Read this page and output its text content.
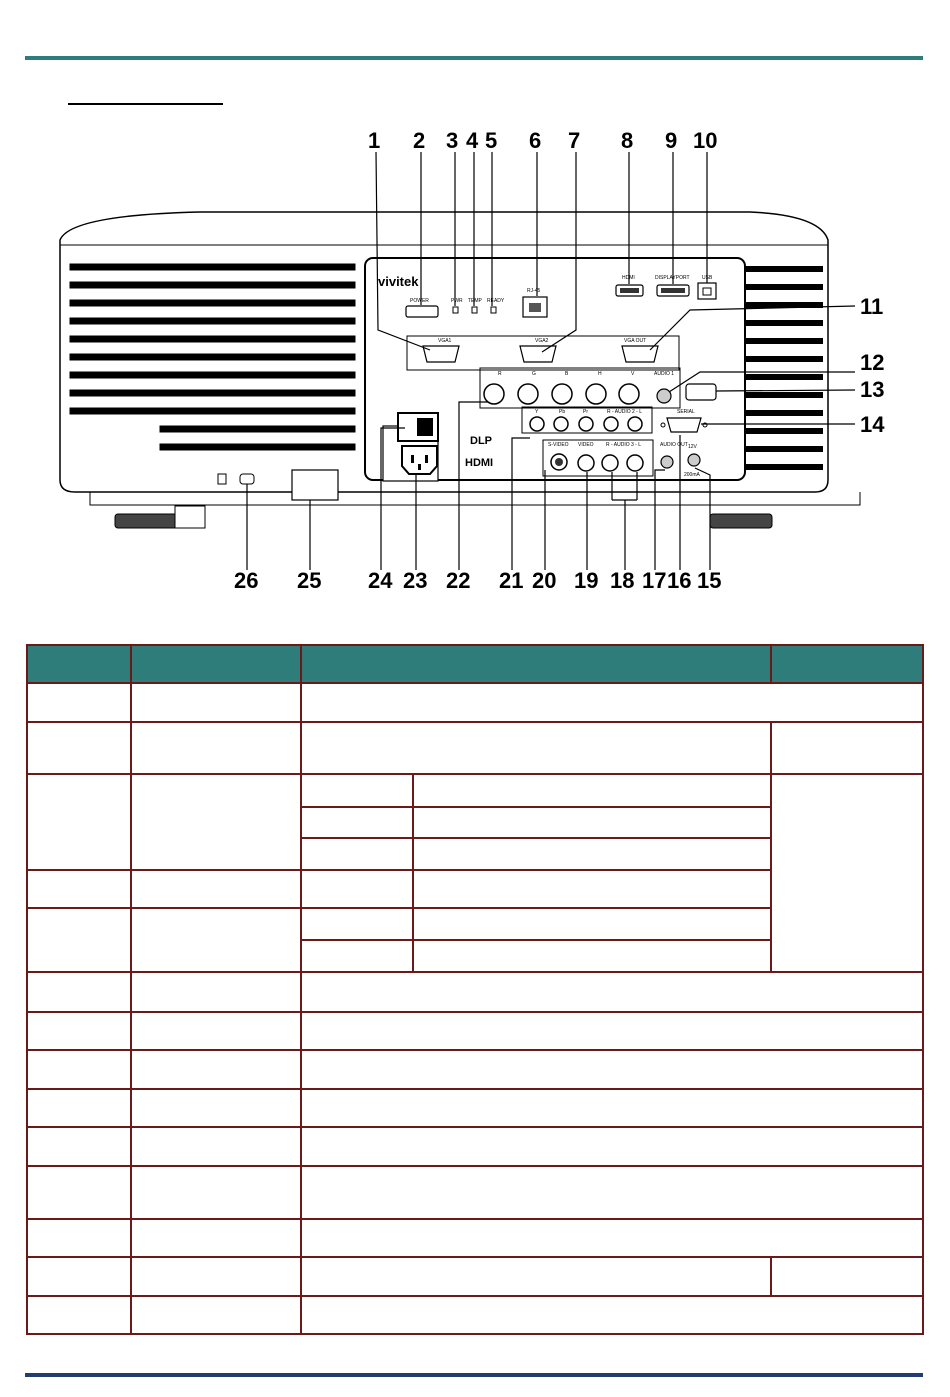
vivitek
POWER	PWR TEMP READY
RJ-45
HDMI	DISPLAYPORT USB
VGA1	VGA2	VGA OUT
R	G	B	H	V	AUDIO 1
Y	Pb	Pr	R - AUDIO 2 - L	SERIAL
DLP
HDMI
S-VIDEO VIDEO R - AUDIO 3 - L	AUDIO OUT 12V
200mA
1 2 3 4 5 6 7 8 9 10
11
12
13
14
26 25 24 23 22 21 20 19 18 17 16 15
